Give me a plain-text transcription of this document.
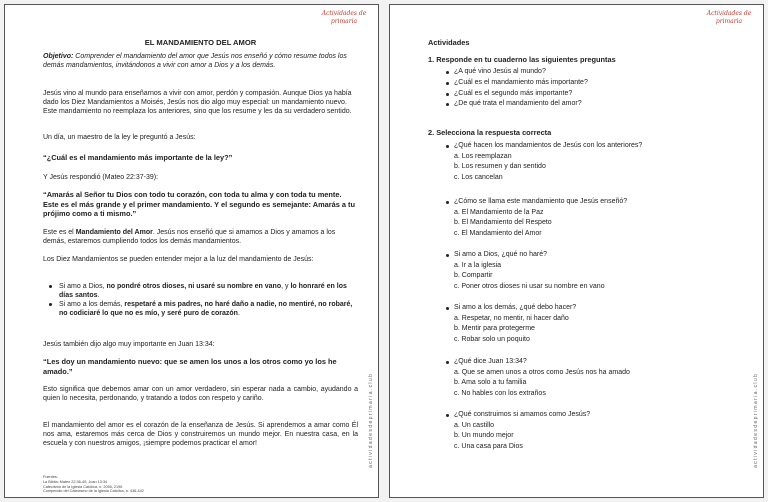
Actividades de
primaria
actividadesdeprimaria.club
EL MANDAMIENTO DEL AMOR
Objetivo: Comprender el mandamiento del amor que Jesús nos enseñó y cómo resume todos los demás mandamientos, invitándonos a vivir con amor a Dios y a los demás.
Jesús vino al mundo para enseñarnos a vivir con amor, perdón y compasión. Aunque Dios ya había dado los Diez Mandamientos a Moisés, Jesús nos dio algo muy especial: un mandamiento nuevo. Este mandamiento no reemplaza los anteriores, sino que los resume y les da su verdadero sentido.
Un día, un maestro de la ley le preguntó a Jesús:
“¿Cuál es el mandamiento más importante de la ley?”
Y Jesús respondió (Mateo 22:37-39):
“Amarás al Señor tu Dios con todo tu corazón, con toda tu alma y con toda tu mente. Este es el más grande y el primer mandamiento. Y el segundo es semejante: Amarás a tu prójimo como a ti mismo.”
Este es el Mandamiento del Amor. Jesús nos enseñó que si amamos a Dios y amamos a los demás, estaremos cumpliendo todos los demás mandamientos.
Los Diez Mandamientos se pueden entender mejor a la luz del mandamiento de Jesús:
Si amo a Dios, no pondré otros dioses, ni usaré su nombre en vano, y lo honraré en los días santos.
Si amo a los demás, respetaré a mis padres, no haré daño a nadie, no mentiré, no robaré, no codiciaré lo que no es mío, y seré puro de corazón.
Jesús también dijo algo muy importante en Juan 13:34:
“Les doy un mandamiento nuevo: que se amen los unos a los otros como yo los he amado.”
Esto significa que debemos amar con un amor verdadero, sin esperar nada a cambio, ayudando a quien lo necesita, perdonando, y tratando a todos con respeto y cariño.
El mandamiento del amor es el corazón de la enseñanza de Jesús. Si aprendemos a amar como Él nos ama, estaremos más cerca de Dios y construiremos un mundo mejor. En nuestra casa, en la escuela y con nuestros amigos, ¡siempre podemos practicar el amor!
Fuentes:
La Biblia: Mateo 22:36-40; Juan 13:34
Catecismo de la Iglesia Católica, n. 2055, 2196
Compendio del Catecismo de la Iglesia Católica, n. 436-442
Actividades de
primaria
actividadesdeprimaria.club
Actividades
1. Responde en tu cuaderno las siguientes preguntas
¿A qué vino Jesús al mundo?
¿Cuál es el mandamiento más importante?
¿Cuál es el segundo más importante?
¿De qué trata el mandamiento del amor?
2. Selecciona la respuesta correcta
¿Qué hacen los mandamientos de Jesús con los anteriores?
a. Los reemplazan
b. Los resumen y dan sentido
c. Los cancelan
¿Cómo se llama este mandamiento que Jesús enseñó?
a. El Mandamiento de la Paz
b. El Mandamiento del Respeto
c. El Mandamiento del Amor
Si amo a Dios, ¿qué no haré?
a. Ir a la iglesia
b. Compartir
c. Poner otros dioses ni usar su nombre en vano
Si amo a los demás, ¿qué debo hacer?
a. Respetar, no mentir, ni hacer daño
b. Mentir para protegerme
c. Robar solo un poquito
¿Qué dice Juan 13:34?
a. Que se amen unos a otros como Jesús nos ha amado
b. Ama solo a tu familia
c. No hables con los extraños
¿Qué construimos si amamos como Jesús?
a. Un castillo
b. Un mundo mejor
c. Una casa para Dios
